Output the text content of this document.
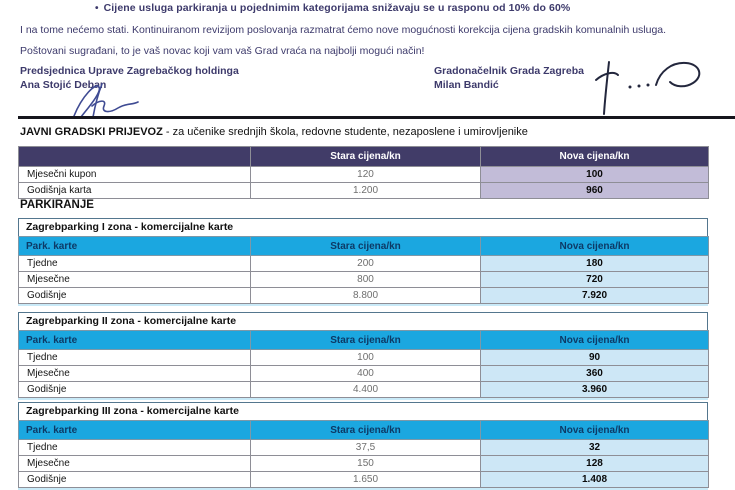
• Cijene usluga parkiranja u pojednimim kategorijama snižavaju se u rasponu od 10% do 60%
I na tome nećemo stati. Kontinuiranom revizijom poslovanja razmatrat ćemo nove mogućnosti korekcija cijena gradskih komunalnih usluga.
Poštovani sugrađani, to je vaš novac koji vam vaš Grad vraća na najbolji mogući način!
Predsjednica Uprave Zagrebačkog holdinga
Ana Stojić Deban
Gradonačelnik Grada Zagreba
Milan Bandić
JAVNI GRADSKI PRIJEVOZ - za učenike srednjih škola, redovne studente, nezaposlene i umirovljenike
	Stara cijena/kn	Nova cijena/kn
Mjesečni kupon	120	100
Godišnja karta	1.200	960
PARKIRANJE
Zagrebparking I zona - komercijalne karte
Park. karte	Stara cijena/kn	Nova cijena/kn
Tjedne	200	180
Mjesečne	800	720
Godišnje	8.800	7.920
Zagrebparking II zona - komercijalne karte
Park. karte	Stara cijena/kn	Nova cijena/kn
Tjedne	100	90
Mjesečne	400	360
Godišnje	4.400	3.960
Zagrebparking III zona - komercijalne karte
Park. karte	Stara cijena/kn	Nova cijena/kn
Tjedne	37,5	32
Mjesečne	150	128
Godišnje	1.650	1.408
